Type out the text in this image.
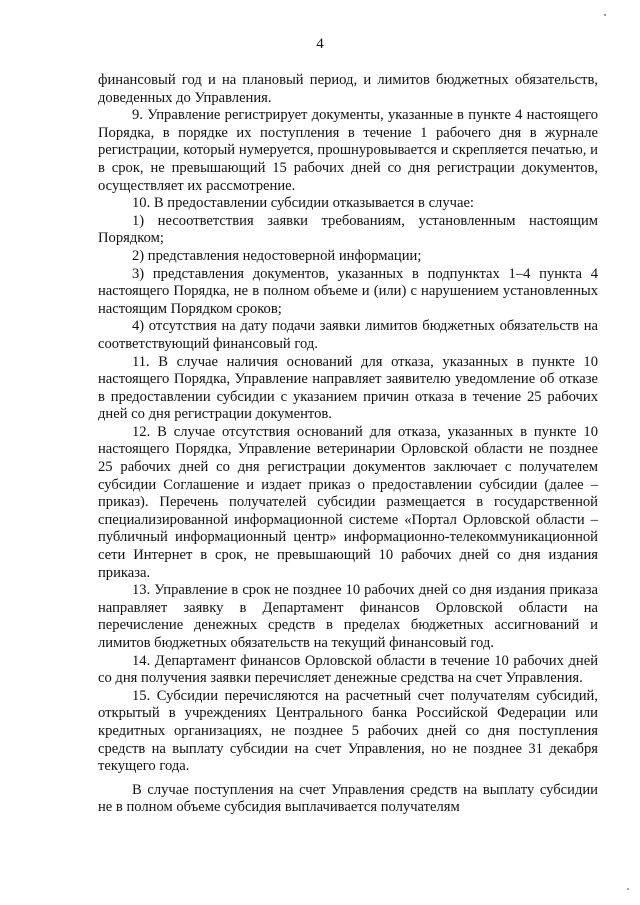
4

финансовый год и на плановый период, и лимитов бюджетных обязательств, доведенных до Управления.

9. Управление регистрирует документы, указанные в пункте 4 настоящего Порядка, в порядке их поступления в течение 1 рабочего дня в журнале регистрации, который нумеруется, прошнуровывается и скрепляется печатью, и в срок, не превышающий 15 рабочих дней со дня регистрации документов, осуществляет их рассмотрение.

10. В предоставлении субсидии отказывается в случае:

1) несоответствия заявки требованиям, установленным настоящим Порядком;

2) представления недостоверной информации;

3) представления документов, указанных в подпунктах 1–4 пункта 4 настоящего Порядка, не в полном объеме и (или) с нарушением установленных настоящим Порядком сроков;

4) отсутствия на дату подачи заявки лимитов бюджетных обязательств на соответствующий финансовый год.

11. В случае наличия оснований для отказа, указанных в пункте 10 настоящего Порядка, Управление направляет заявителю уведомление об отказе в предоставлении субсидии с указанием причин отказа в течение 25 рабочих дней со дня регистрации документов.

12. В случае отсутствия оснований для отказа, указанных в пункте 10 настоящего Порядка, Управление ветеринарии Орловской области не позднее 25 рабочих дней со дня регистрации документов заключает с получателем субсидии Соглашение и издает приказ о предоставлении субсидии (далее – приказ). Перечень получателей субсидии размещается в государственной специализированной информационной системе «Портал Орловской области – публичный информационный центр» информационно-телекоммуникационной сети Интернет в срок, не превышающий 10 рабочих дней со дня издания приказа.

13. Управление в срок не позднее 10 рабочих дней со дня издания приказа направляет заявку в Департамент финансов Орловской области на перечисление денежных средств в пределах бюджетных ассигнований и лимитов бюджетных обязательств на текущий финансовый год.

14. Департамент финансов Орловской области в течение 10 рабочих дней со дня получения заявки перечисляет денежные средства на счет Управления.

15. Субсидии перечисляются на расчетный счет получателям субсидий, открытый в учреждениях Центрального банка Российской Федерации или кредитных организациях, не позднее 5 рабочих дней со дня поступления средств на выплату субсидии на счет Управления, но не позднее 31 декабря текущего года.

В случае поступления на счет Управления средств на выплату субсидии не в полном объеме субсидия выплачивается получателям
